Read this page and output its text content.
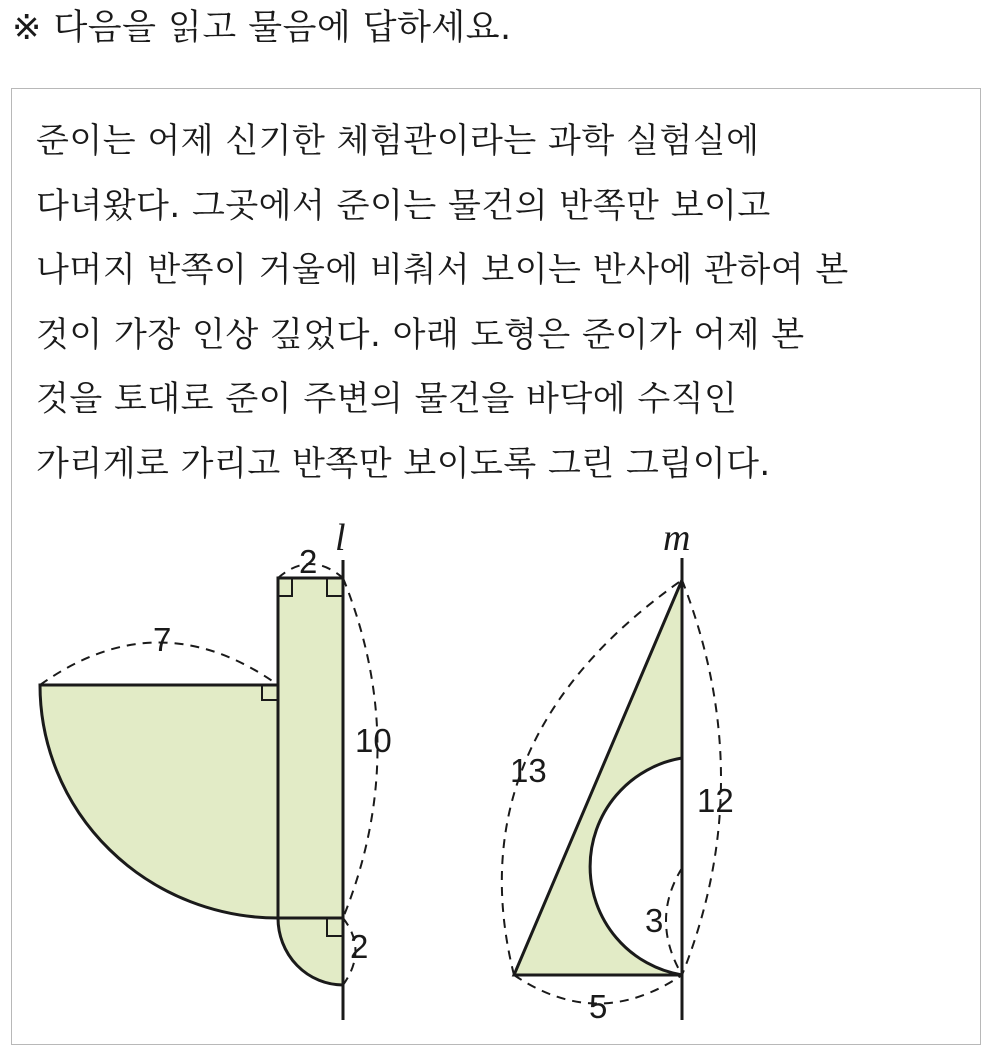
※ 다음을 읽고 물음에 답하세요.
준이는 어제 신기한 체험관이라는 과학 실험실에
다녀왔다. 그곳에서 준이는 물건의 반쪽만 보이고
나머지 반쪽이 거울에 비춰서 보이는 반사에 관하여 본
것이 가장 인상 깊었다. 아래 도형은 준이가 어제 본
것을 토대로 준이 주변의 물건을 바닥에 수직인
가리게로 가리고 반쪽만 보이도록 그린 그림이다.
l
2
7
10
2
m
13
12
3
5
